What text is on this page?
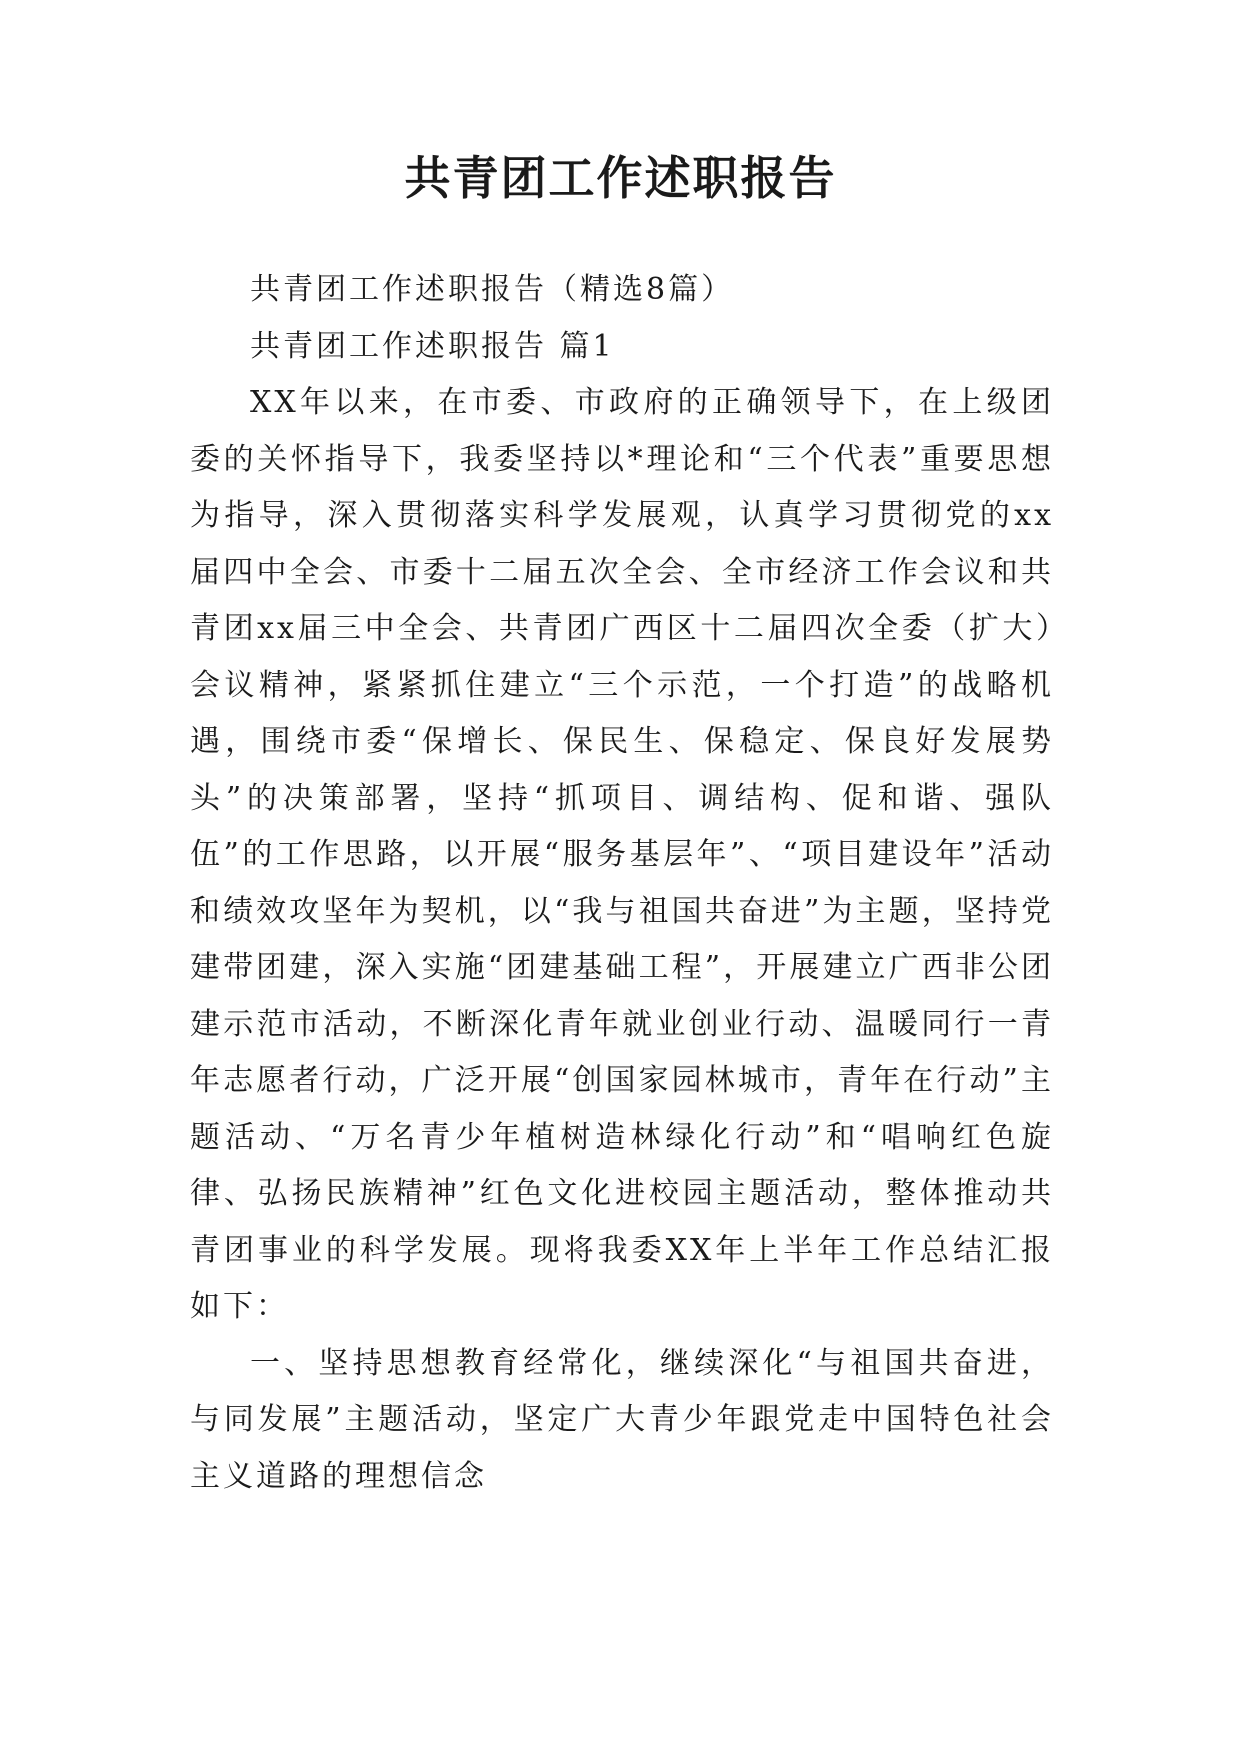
共青团工作述职报告

共青团工作述职报告（精选8篇）

共青团工作述职报告 篇1

XX年以来，在市委、市政府的正确领导下，在上级团委的关怀指导下，我委坚持以*理论和“三个代表”重要思想为指导，深入贯彻落实科学发展观，认真学习贯彻党的xx届四中全会、市委十二届五次全会、全市经济工作会议和共青团xx届三中全会、共青团广西区十二届四次全委（扩大）会议精神，紧紧抓住建立“三个示范，一个打造”的战略机遇，围绕市委“保增长、保民生、保稳定、保良好发展势头”的决策部署，坚持“抓项目、调结构、促和谐、强队伍”的工作思路，以开展“服务基层年”、“项目建设年”活动和绩效攻坚年为契机，以“我与祖国共奋进”为主题，坚持党建带团建，深入实施“团建基础工程”，开展建立广西非公团建示范市活动，不断深化青年就业创业行动、温暖同行一青年志愿者行动，广泛开展“创国家园林城市，青年在行动”主题活动、“万名青少年植树造林绿化行动”和“唱响红色旋律、弘扬民族精神”红色文化进校园主题活动，整体推动共青团事业的科学发展。现将我委XX年上半年工作总结汇报如下：

一、坚持思想教育经常化，继续深化“与祖国共奋进，与同发展”主题活动，坚定广大青少年跟党走中国特色社会主义道路的理想信念
